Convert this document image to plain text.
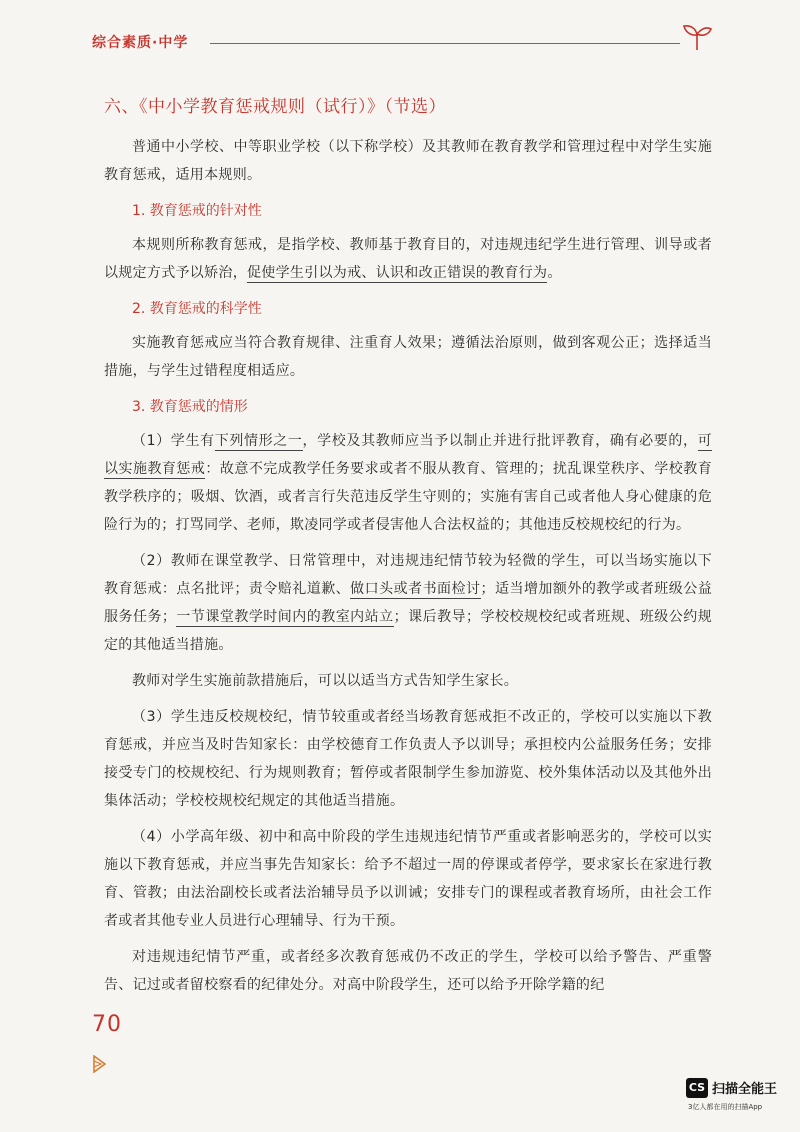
综合素质·中学
六、《中小学教育惩戒规则（试行）》（节选）

普通中小学校、中等职业学校（以下称学校）及其教师在教育教学和管理过程中对学生实施教育惩戒，适用本规则。

1. 教育惩戒的针对性

本规则所称教育惩戒，是指学校、教师基于教育目的，对违规违纪学生进行管理、训导或者以规定方式予以矫治，促使学生引以为戒、认识和改正错误的教育行为。

2. 教育惩戒的科学性

实施教育惩戒应当符合教育规律、注重育人效果；遵循法治原则，做到客观公正；选择适当措施，与学生过错程度相适应。

3. 教育惩戒的情形

（1）学生有下列情形之一，学校及其教师应当予以制止并进行批评教育，确有必要的，可以实施教育惩戒：故意不完成教学任务要求或者不服从教育、管理的；扰乱课堂秩序、学校教育教学秩序的；吸烟、饮酒，或者言行失范违反学生守则的；实施有害自己或者他人身心健康的危险行为的；打骂同学、老师，欺凌同学或者侵害他人合法权益的；其他违反校规校纪的行为。

（2）教师在课堂教学、日常管理中，对违规违纪情节较为轻微的学生，可以当场实施以下教育惩戒：点名批评；责令赔礼道歉、做口头或者书面检讨；适当增加额外的教学或者班级公益服务任务；一节课堂教学时间内的教室内站立；课后教导；学校校规校纪或者班规、班级公约规定的其他适当措施。

教师对学生实施前款措施后，可以以适当方式告知学生家长。

（3）学生违反校规校纪，情节较重或者经当场教育惩戒拒不改正的，学校可以实施以下教育惩戒，并应当及时告知家长：由学校德育工作负责人予以训导；承担校内公益服务任务；安排接受专门的校规校纪、行为规则教育；暂停或者限制学生参加游览、校外集体活动以及其他外出集体活动；学校校规校纪规定的其他适当措施。

（4）小学高年级、初中和高中阶段的学生违规违纪情节严重或者影响恶劣的，学校可以实施以下教育惩戒，并应当事先告知家长：给予不超过一周的停课或者停学，要求家长在家进行教育、管教；由法治副校长或者法治辅导员予以训诫；安排专门的课程或者教育场所，由社会工作者或者其他专业人员进行心理辅导、行为干预。

对违规违纪情节严重，或者经多次教育惩戒仍不改正的学生，学校可以给予警告、严重警告、记过或者留校察看的纪律处分。对高中阶段学生，还可以给予开除学籍的纪

70
CS 扫描全能王
3亿人都在用的扫描App
